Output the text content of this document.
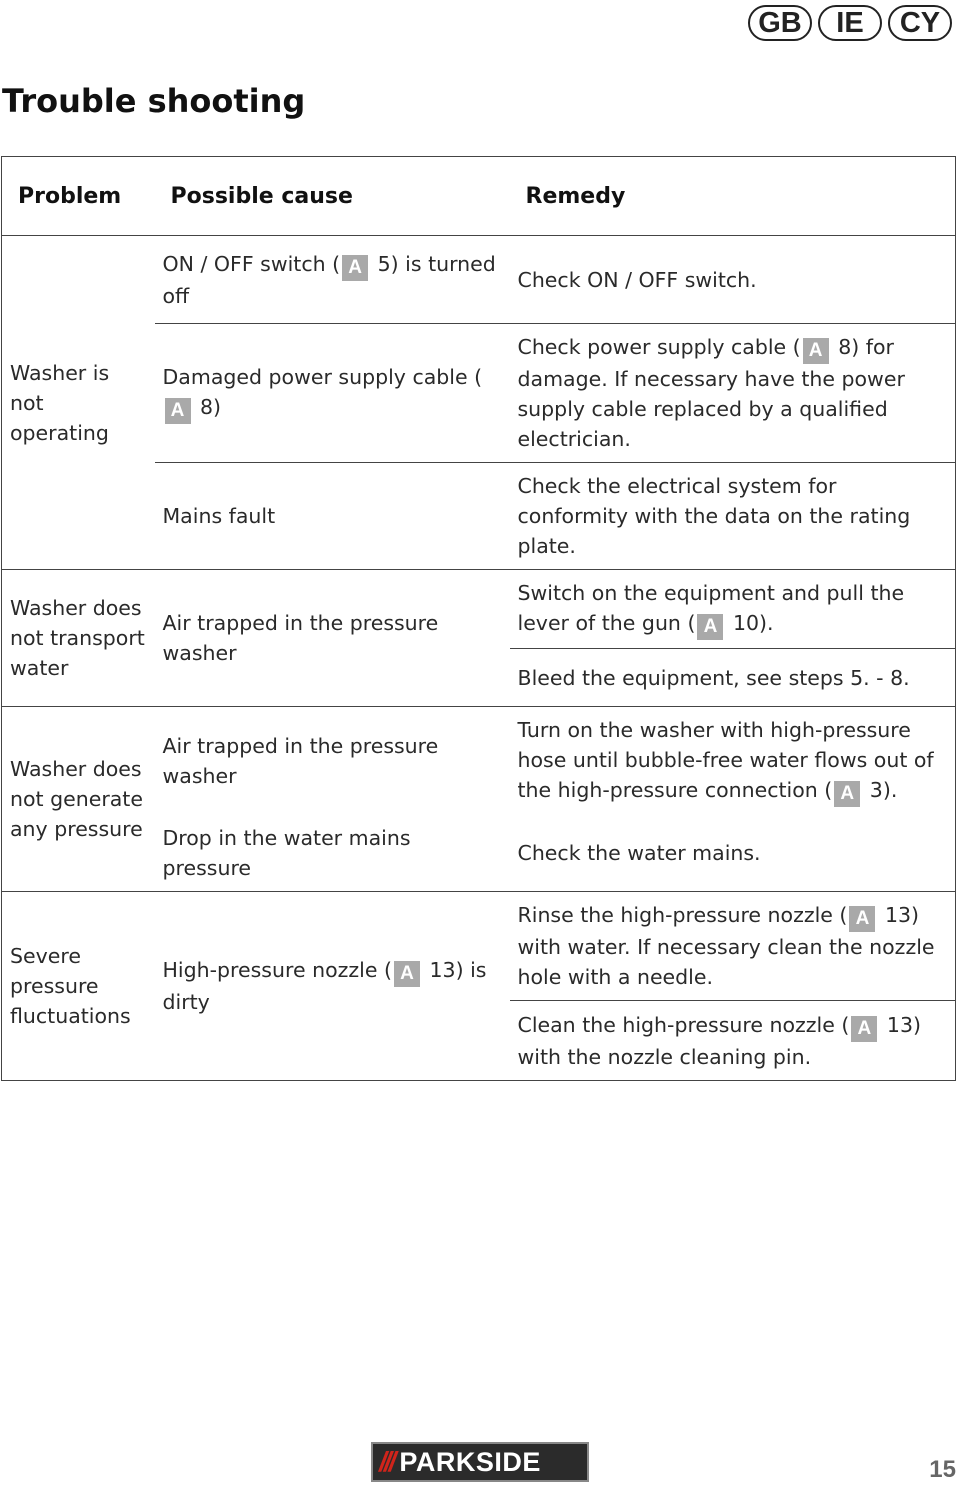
GB	IE	CY
Trouble shooting
Problem	Possible cause	Remedy
Washer is not operating	ON / OFF switch ( A 5) is turned off	Check ON / OFF switch.
	Damaged power supply cable (A 8)	Check power supply cable ( A 8) for damage. If necessary have the power supply cable replaced by a qualified electrician.
	Mains fault	Check the electrical system for conformity with the data on the rating plate.
Washer does not transport water	Air trapped in the pressure washer	Switch on the equipment and pull the lever of the gun ( A 10).
		Bleed the equipment, see steps 5. - 8.
Washer does not generate any pressure	Air trapped in the pressure washer	Turn on the washer with high-pressure hose until bubble-free water flows out of the high-pressure connection ( A 3).
	Drop in the water mains pressure	Check the water mains.
Severe pressure fluctuations	High-pressure nozzle ( A 13) is dirty	Rinse the high-pressure nozzle ( A 13) with water. If necessary clean the nozzle hole with a needle.
		Clean the high-pressure nozzle ( A 13) with the nozzle cleaning pin.
/// PARKSIDE	15
